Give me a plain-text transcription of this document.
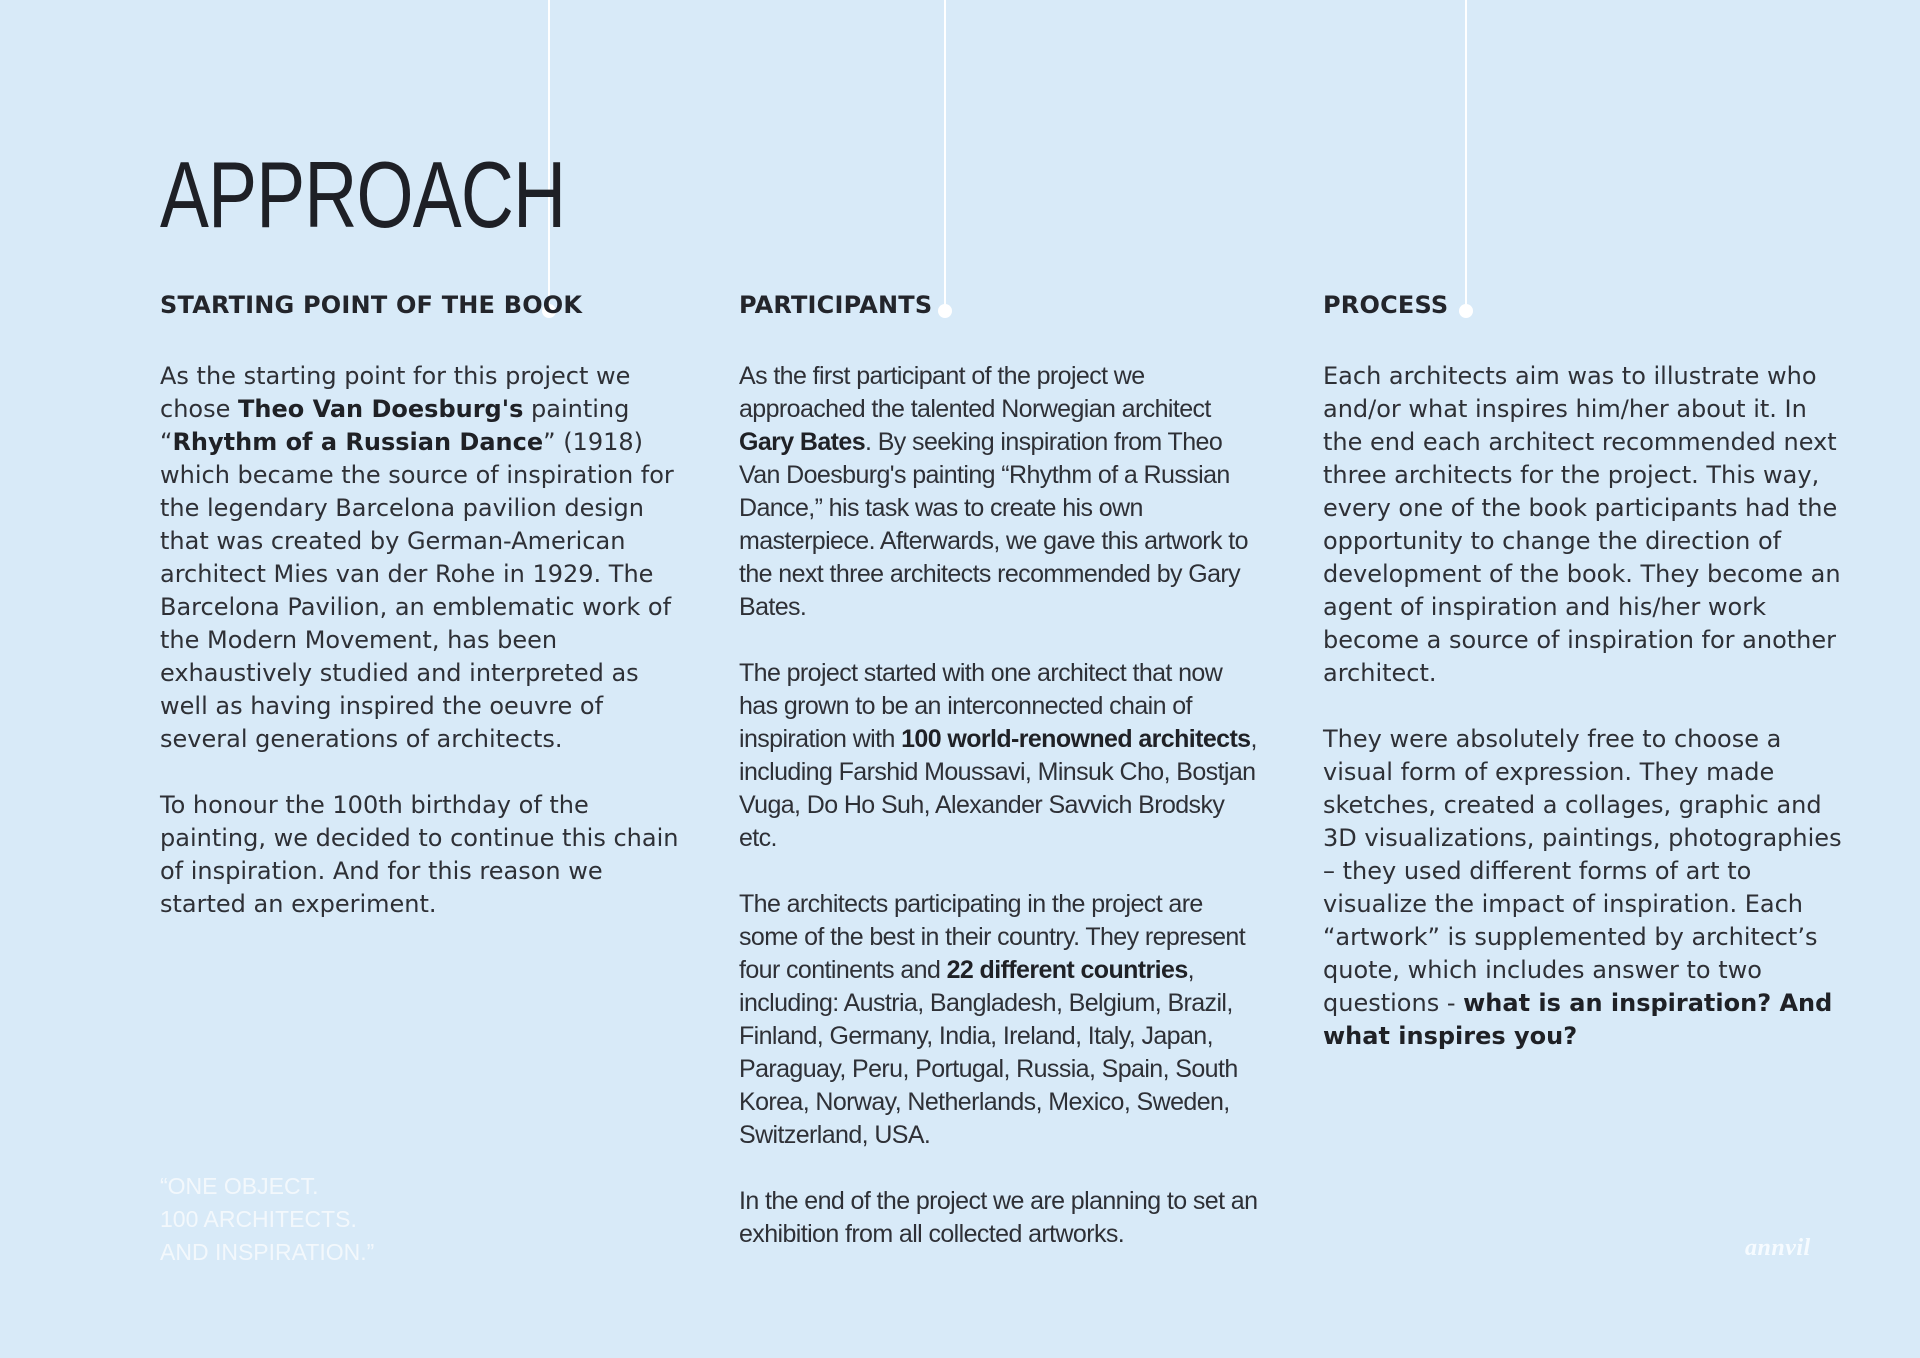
APPROACH
STARTING POINT OF THE BOOK

As the starting point for this project we chose Theo Van Doesburg's painting “Rhythm of a Russian Dance” (1918) which became the source of inspiration for the legendary Barcelona pavilion design that was created by German-American architect Mies van der Rohe in 1929. The Barcelona Pavilion, an emblematic work of the Modern Movement, has been exhaustively studied and interpreted as well as having inspired the oeuvre of several generations of architects.

To honour the 100th birthday of the painting, we decided to continue this chain of inspiration. And for this reason we started an experiment.

PARTICIPANTS

As the first participant of the project we approached the talented Norwegian architect Gary Bates. By seeking inspiration from Theo Van Doesburg's painting “Rhythm of a Russian Dance,” his task was to create his own masterpiece. Afterwards, we gave this artwork to the next three architects recommended by Gary Bates.

The project started with one architect that now has grown to be an interconnected chain of inspiration with 100 world-renowned architects, including Farshid Moussavi, Minsuk Cho, Bostjan Vuga, Do Ho Suh, Alexander Savvich Brodsky etc.

The architects participating in the project are some of the best in their country. They represent four continents and 22 different countries, including: Austria, Bangladesh, Belgium, Brazil, Finland, Germany, India, Ireland, Italy, Japan, Paraguay, Peru, Portugal, Russia, Spain, South Korea, Norway, Netherlands, Mexico, Sweden, Switzerland, USA.

In the end of the project we are planning to set an exhibition from all collected artworks.

PROCESS

Each architects aim was to illustrate who and/or what inspires him/her about it. In the end each architect recommended next three architects for the project. This way, every one of the book participants had the opportunity to change the direction of development of the book. They become an agent of inspiration and his/her work become a source of inspiration for another architect.

They were absolutely free to choose a visual form of expression. They made sketches, created a collages, graphic and 3D visualizations, paintings, photographies – they used different forms of art to visualize the impact of inspiration. Each “artwork” is supplemented by architect’s quote, which includes answer to two questions - what is an inspiration? And what inspires you?

“ONE OBJECT.
100 ARCHITECTS.
AND INSPIRATION.”	annvil
